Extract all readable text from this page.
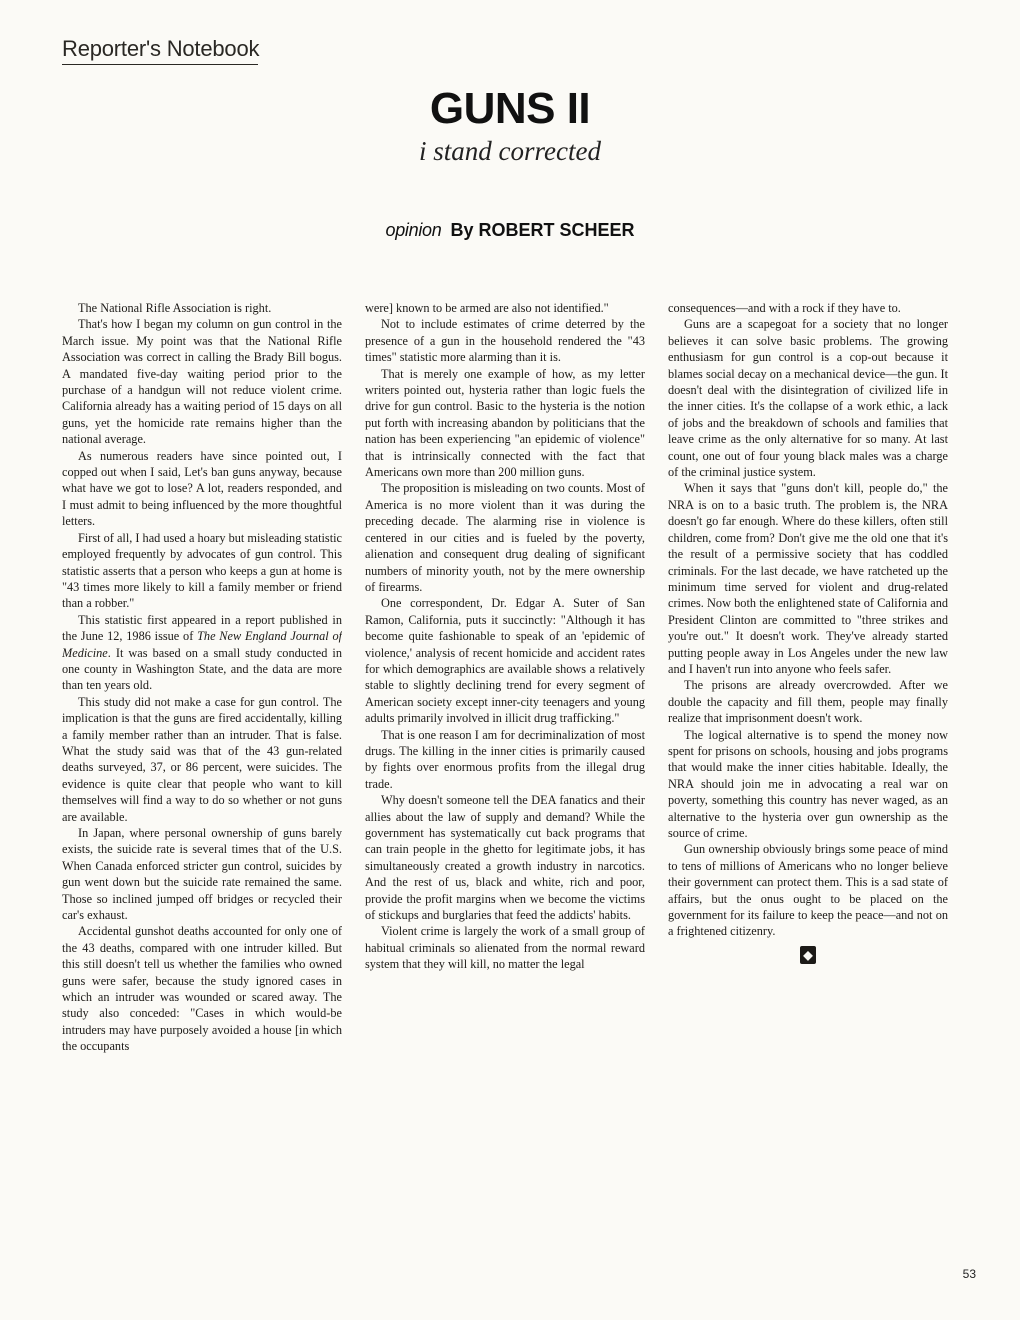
Reporter's Notebook
GUNS II
i stand corrected
opinion By ROBERT SCHEER

The National Rifle Association is right.

That's how I began my column on gun control in the March issue. My point was that the National Rifle Association was correct in calling the Brady Bill bogus. A mandated five-day waiting period prior to the purchase of a handgun will not reduce violent crime. California already has a waiting period of 15 days on all guns, yet the homicide rate remains higher than the national average.

As numerous readers have since pointed out, I copped out when I said, Let's ban guns anyway, because what have we got to lose? A lot, readers responded, and I must admit to being influenced by the more thoughtful letters.

First of all, I had used a hoary but misleading statistic employed frequently by advocates of gun control. This statistic asserts that a person who keeps a gun at home is "43 times more likely to kill a family member or friend than a robber."

This statistic first appeared in a report published in the June 12, 1986 issue of The New England Journal of Medicine. It was based on a small study conducted in one county in Washington State, and the data are more than ten years old.

This study did not make a case for gun control. The implication is that the guns are fired accidentally, killing a family member rather than an intruder. That is false. What the study said was that of the 43 gun-related deaths surveyed, 37, or 86 percent, were suicides. The evidence is quite clear that people who want to kill themselves will find a way to do so whether or not guns are available.

In Japan, where personal ownership of guns barely exists, the suicide rate is several times that of the U.S. When Canada enforced stricter gun control, suicides by gun went down but the suicide rate remained the same. Those so inclined jumped off bridges or recycled their car's exhaust.

Accidental gunshot deaths accounted for only one of the 43 deaths, compared with one intruder killed. But this still doesn't tell us whether the families who owned guns were safer, because the study ignored cases in which an intruder was wounded or scared away. The study also conceded: "Cases in which would-be intruders may have purposely avoided a house [in which the occupants

were] known to be armed are also not identified."

Not to include estimates of crime deterred by the presence of a gun in the household rendered the "43 times" statistic more alarming than it is.

That is merely one example of how, as my letter writers pointed out, hysteria rather than logic fuels the drive for gun control. Basic to the hysteria is the notion put forth with increasing abandon by politicians that the nation has been experiencing "an epidemic of violence" that is intrinsically connected with the fact that Americans own more than 200 million guns.

The proposition is misleading on two counts. Most of America is no more violent than it was during the preceding decade. The alarming rise in violence is centered in our cities and is fueled by the poverty, alienation and consequent drug dealing of significant numbers of minority youth, not by the mere ownership of firearms.

One correspondent, Dr. Edgar A. Suter of San Ramon, California, puts it succinctly: "Although it has become quite fashionable to speak of an 'epidemic of violence,' analysis of recent homicide and accident rates for which demographics are available shows a relatively stable to slightly declining trend for every segment of American society except inner-city teenagers and young adults primarily involved in illicit drug trafficking."

That is one reason I am for decriminalization of most drugs. The killing in the inner cities is primarily caused by fights over enormous profits from the illegal drug trade.

Why doesn't someone tell the DEA fanatics and their allies about the law of supply and demand? While the government has systematically cut back programs that can train people in the ghetto for legitimate jobs, it has simultaneously created a growth industry in narcotics. And the rest of us, black and white, rich and poor, provide the profit margins when we become the victims of stickups and burglaries that feed the addicts' habits.

Violent crime is largely the work of a small group of habitual criminals so alienated from the normal reward system that they will kill, no matter the legal

consequences—and with a rock if they have to.

Guns are a scapegoat for a society that no longer believes it can solve basic problems. The growing enthusiasm for gun control is a cop-out because it blames social decay on a mechanical device—the gun. It doesn't deal with the disintegration of civilized life in the inner cities. It's the collapse of a work ethic, a lack of jobs and the breakdown of schools and families that leave crime as the only alternative for so many. At last count, one out of four young black males was a charge of the criminal justice system.

When it says that "guns don't kill, people do," the NRA is on to a basic truth. The problem is, the NRA doesn't go far enough. Where do these killers, often still children, come from? Don't give me the old one that it's the result of a permissive society that has coddled criminals. For the last decade, we have ratcheted up the minimum time served for violent and drug-related crimes. Now both the enlightened state of California and President Clinton are committed to "three strikes and you're out." It doesn't work. They've already started putting people away in Los Angeles under the new law and I haven't run into anyone who feels safer.

The prisons are already overcrowded. After we double the capacity and fill them, people may finally realize that imprisonment doesn't work.

The logical alternative is to spend the money now spent for prisons on schools, housing and jobs programs that would make the inner cities habitable. Ideally, the NRA should join me in advocating a real war on poverty, something this country has never waged, as an alternative to the hysteria over gun ownership as the source of crime.

Gun ownership obviously brings some peace of mind to tens of millions of Americans who no longer believe their government can protect them. This is a sad state of affairs, but the onus ought to be placed on the government for its failure to keep the peace—and not on a frightened citizenry.

◆
53
